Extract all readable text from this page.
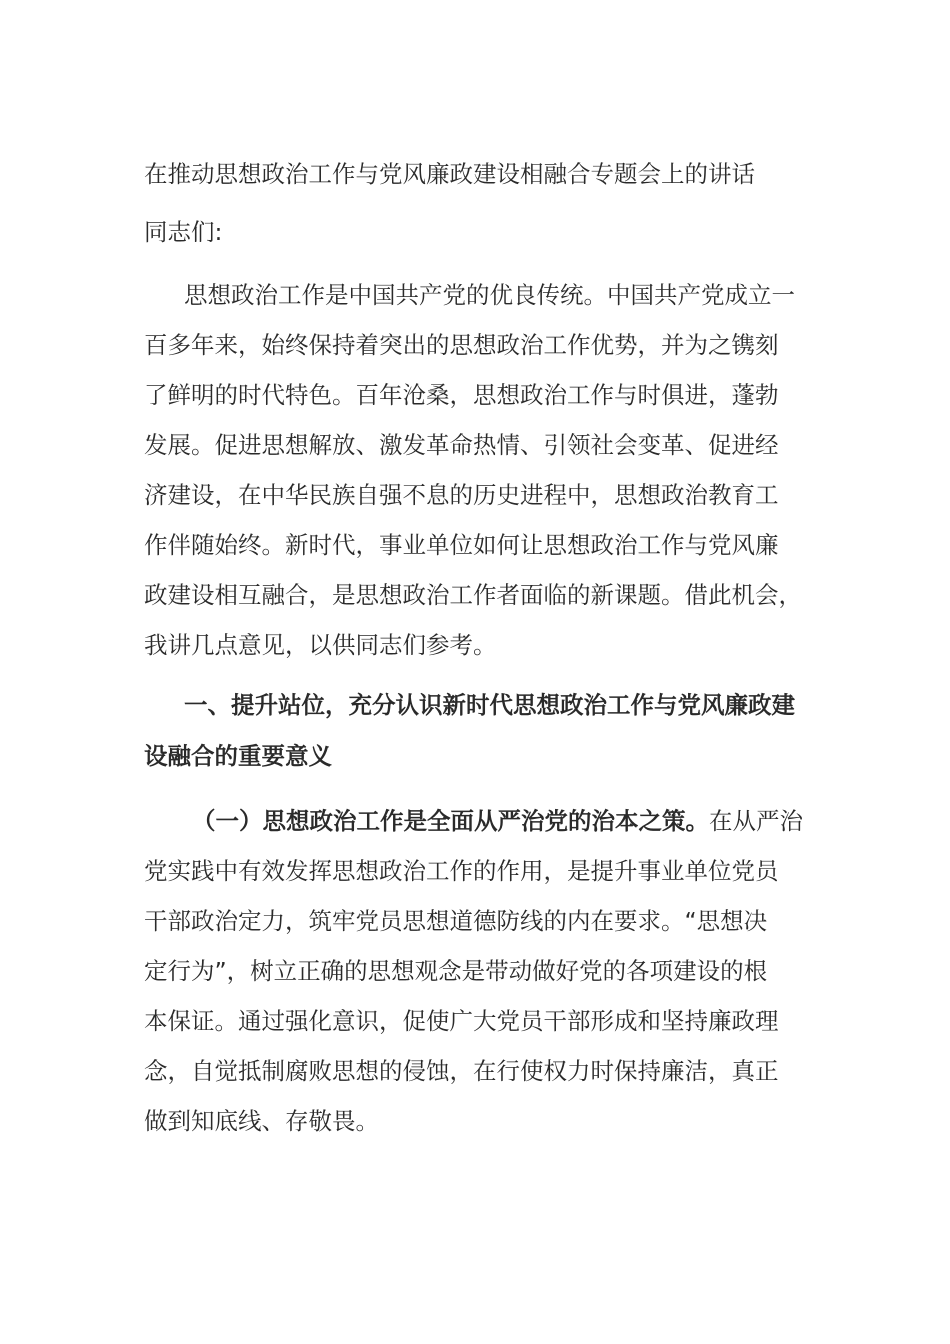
在推动思想政治工作与党风廉政建设相融合专题会上的讲话
同志们:
思想政治工作是中国共产党的优良传统。中国共产党成立一
百多年来，始终保持着突出的思想政治工作优势，并为之镌刻
了鲜明的时代特色。百年沧桑，思想政治工作与时俱进，蓬勃
发展。促进思想解放、激发革命热情、引领社会变革、促进经
济建设，在中华民族自强不息的历史进程中，思想政治教育工
作伴随始终。新时代，事业单位如何让思想政治工作与党风廉
政建设相互融合，是思想政治工作者面临的新课题。借此机会，
我讲几点意见，以供同志们参考。
一、提升站位，充分认识新时代思想政治工作与党风廉政建
设融合的重要意义
（一）思想政治工作是全面从严治党的治本之策。在从严治
党实践中有效发挥思想政治工作的作用，是提升事业单位党员
干部政治定力，筑牢党员思想道德防线的内在要求。“思想决
定行为”，树立正确的思想观念是带动做好党的各项建设的根
本保证。通过强化意识，促使广大党员干部形成和坚持廉政理
念，自觉抵制腐败思想的侵蚀，在行使权力时保持廉洁，真正
做到知底线、存敬畏。
